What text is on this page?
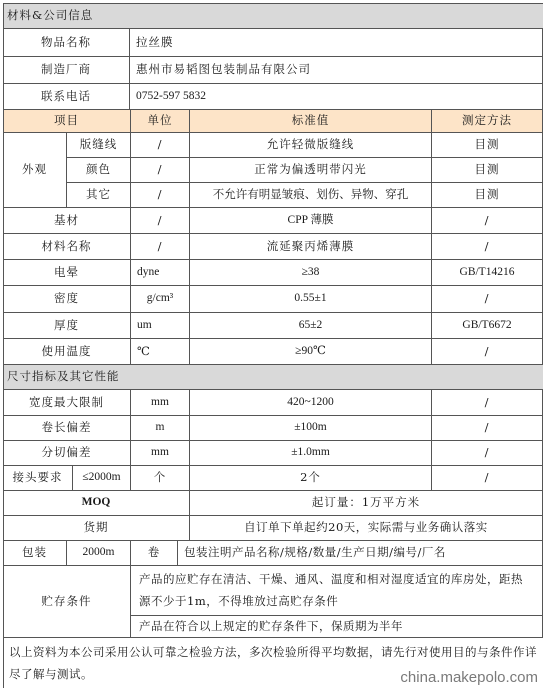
材料&公司信息
物品名称	拉丝膜
制造厂商	惠州市易韬图包装制品有限公司
联系电话	0752-597 5832
项目	单位	标准值	测定方法
外观
版缝线	/	允许轻微版缝线	目测
颜色	/	正常为偏透明带闪光	目测
其它	/	不允许有明显皱痕、划伤、异物、穿孔	目测
基材	/	CPP 薄膜	/
材料名称	/	流延聚丙烯薄膜	/
电晕	dyne	≥38	GB/T14216
密度	g/cm³	0.55±1	/
厚度	um	65±2	GB/T6672
使用温度	℃	≥90℃	/
尺寸指标及其它性能
宽度最大限制	mm	420~1200	/
卷长偏差	m	±100m	/
分切偏差	mm	±1.0mm	/
接头要求	≤2000m	个	2个	/
MOQ	起订量：1万平方米
货期	自订单下单起约20天，实际需与业务确认落实
包装	2000m	卷	包装注明产品名称/规格/数量/生产日期/编号/厂名
贮存条件
产品的应贮存在清洁、干燥、通风、温度和相对湿度适宜的库房处，距热源不少于1m，不得堆放过高贮存条件
产品在符合以上规定的贮存条件下，保质期为半年
以上资料为本公司采用公认可靠之检验方法，多次检验所得平均数据，请先行对使用目的与条件作详尽了解与测试。	china.makepolo.com
